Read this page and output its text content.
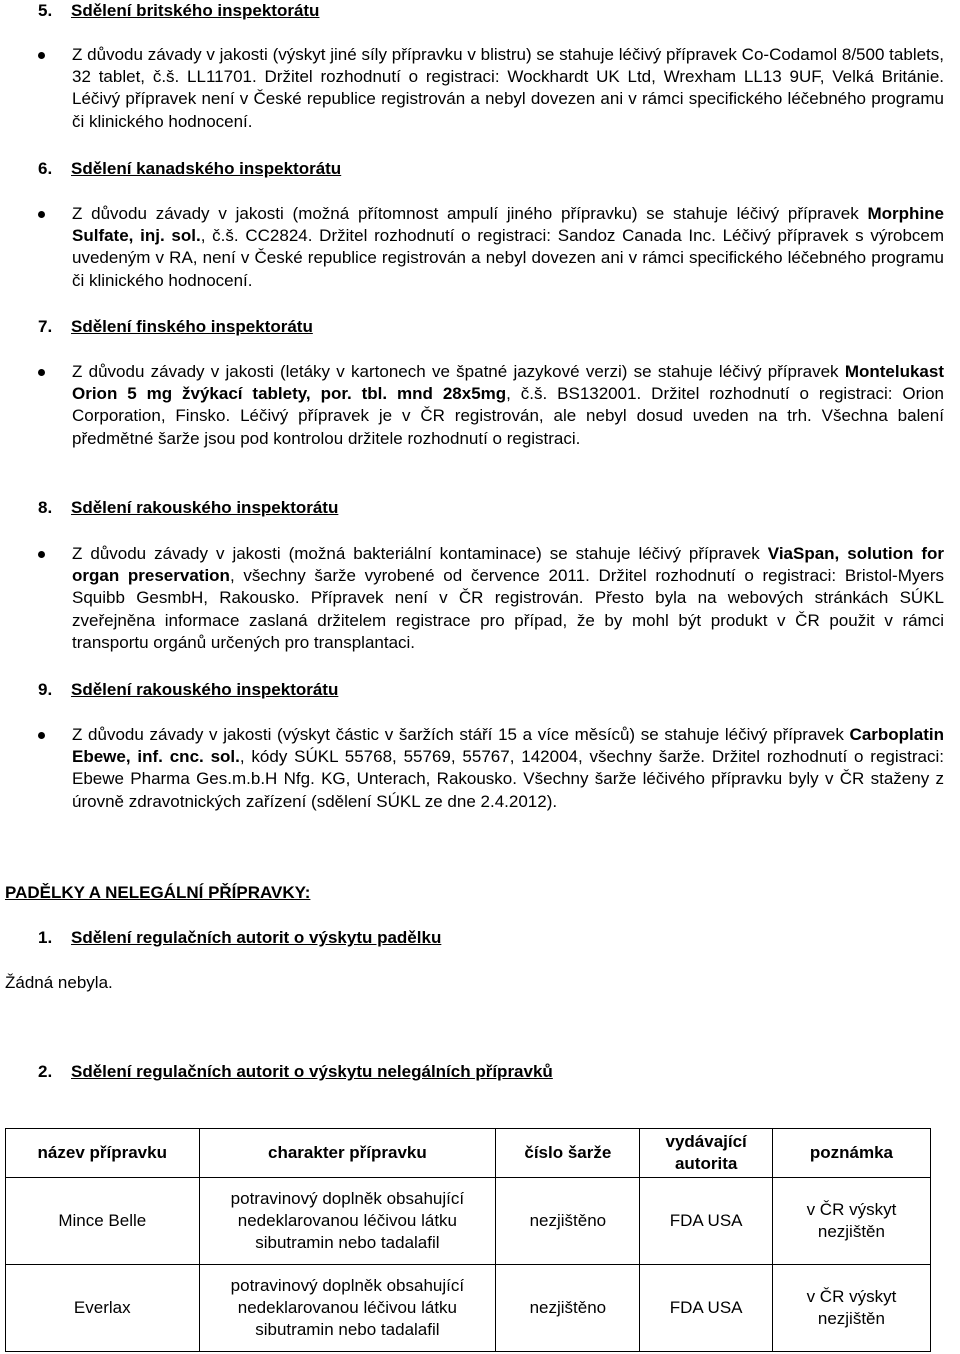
5. Sdělení britského inspektorátu
Z důvodu závady v jakosti (výskyt jiné síly přípravku v blistru) se stahuje léčivý přípravek Co-Codamol 8/500 tablets, 32 tablet, č.š. LL11701. Držitel rozhodnutí o registraci: Wockhardt UK Ltd, Wrexham LL13 9UF, Velká Británie. Léčivý přípravek není v České republice registrován a nebyl dovezen ani v rámci specifického léčebného programu či klinického hodnocení.
6. Sdělení kanadského inspektorátu
Z důvodu závady v jakosti (možná přítomnost ampulí jiného přípravku) se stahuje léčivý přípravek Morphine Sulfate, inj. sol., č.š. CC2824. Držitel rozhodnutí o registraci: Sandoz Canada Inc. Léčivý přípravek s výrobcem uvedeným v RA, není v České republice registrován a nebyl dovezen ani v rámci specifického léčebného programu či klinického hodnocení.
7. Sdělení finského inspektorátu
Z důvodu závady v jakosti (letáky v kartonech ve špatné jazykové verzi) se stahuje léčivý přípravek Montelukast Orion 5 mg žvýkací tablety, por. tbl. mnd 28x5mg, č.š. BS132001. Držitel rozhodnutí o registraci: Orion Corporation, Finsko. Léčivý přípravek je v ČR registrován, ale nebyl dosud uveden na trh. Všechna balení předmětné šarže jsou pod kontrolou držitele rozhodnutí o registraci.
8. Sdělení rakouského inspektorátu
Z důvodu závady v jakosti (možná bakteriální kontaminace) se stahuje léčivý přípravek ViaSpan, solution for organ preservation, všechny šarže vyrobené od července 2011. Držitel rozhodnutí o registraci: Bristol-Myers Squibb GesmbH, Rakousko. Přípravek není v ČR registrován. Přesto byla na webových stránkách SÚKL zveřejněna informace zaslaná držitelem registrace pro případ, že by mohl být produkt v ČR použit v rámci transportu orgánů určených pro transplantaci.
9. Sdělení rakouského inspektorátu
Z důvodu závady v jakosti (výskyt částic v šaržích stáří 15 a více měsíců) se stahuje léčivý přípravek Carboplatin Ebewe, inf. cnc. sol., kódy SÚKL 55768, 55769, 55767, 142004, všechny šarže. Držitel rozhodnutí o registraci: Ebewe Pharma Ges.m.b.H Nfg. KG, Unterach, Rakousko. Všechny šarže léčivého přípravku byly v ČR staženy z úrovně zdravotnických zařízení (sdělení SÚKL ze dne 2.4.2012).
PADĚLKY A NELEGÁLNÍ PŘÍPRAVKY:
1. Sdělení regulačních autorit o výskytu padělku
Žádná nebyla.
2. Sdělení regulačních autorit o výskytu nelegálních přípravků
název přípravku	charakter přípravku	číslo šarže	vydávající autorita	poznámka
Mince Belle	potravinový doplněk obsahující nedeklarovanou léčivou látku sibutramin nebo tadalafil	nezjištěno	FDA USA	v ČR výskyt nezjištěn
Everlax	potravinový doplněk obsahující nedeklarovanou léčivou látku sibutramin nebo tadalafil	nezjištěno	FDA USA	v ČR výskyt nezjištěn
